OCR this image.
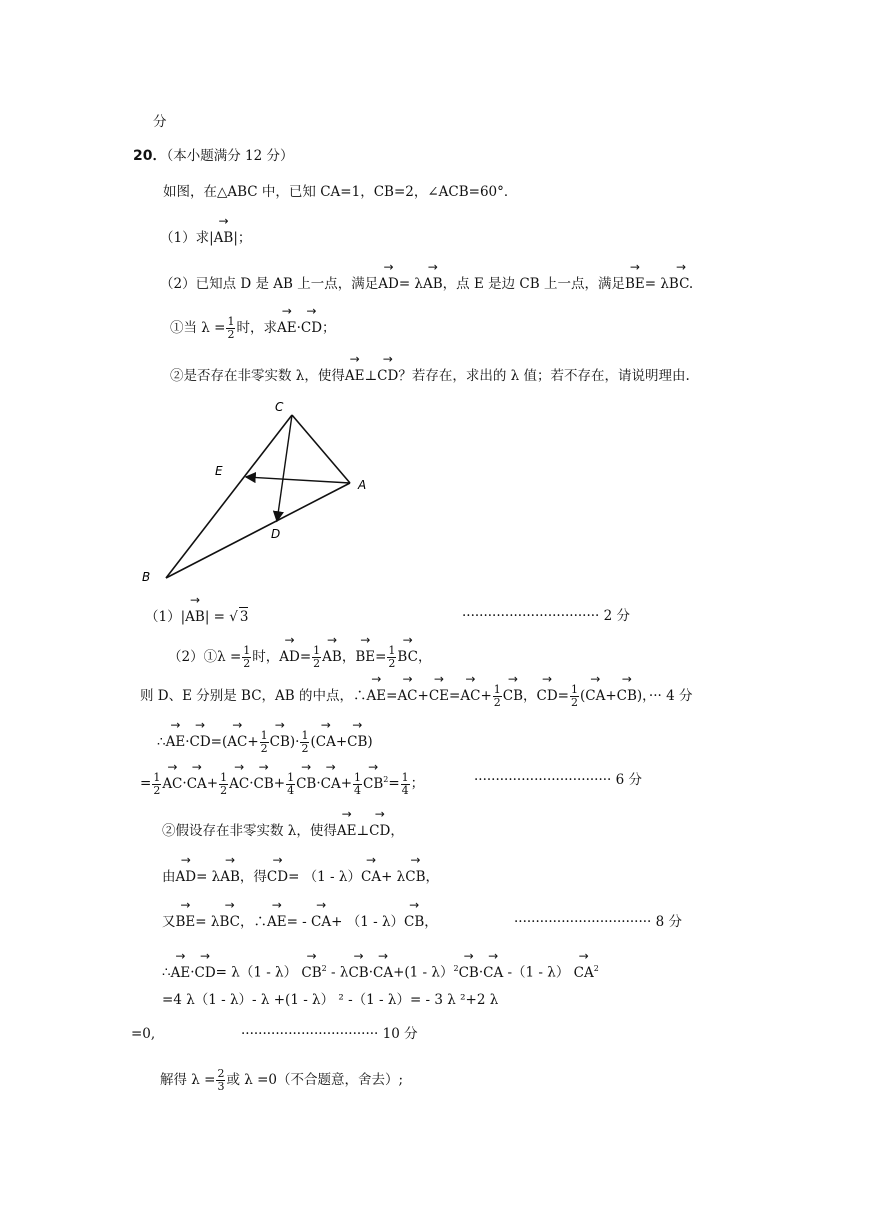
分
20．（本小题满分 12 分）
如图，在△ABC 中，已知 CA=1，CB=2，∠ACB=60°．
（1）求|→ AB|；
（2）已知点 D 是 AB 上一点，满足→ AD= λ→ AB，点 E 是边 CB 上一点，满足→ BE= λ→ BC.
①当 $\lambda = \frac{1}{2}$ 时，求→ AE·→ CD；
②是否存在非零实数 λ，使得→ AE⊥→ CD？若存在，求出的 λ 值；若不存在，请说明理由.
C
E
A
D
B
（1）|→ AB| = √ 3	································ 2 分
（2）①λ = $\frac{1}{2}$ 时，→ $AD= \frac{1}{2}$
→ AB，→ $BE= \frac{1}{2}$
→ BC，
则 D、E 分别是 BC，AB 的中点，∴→ $AE=\to AC+\to CE=\to AC+ \frac{1}{2}$
→ CB，→ $CD= \frac{1}{2}$ (→ CA+→ CB)，··· 4 分
∴→ $AE\cdot\to CD=(\to AC+ \frac{1}{2}$
→ $CB)\cdot \frac{1}{2}$ (→ CA+→ CB)
= $\frac{1}{2}$
→ $AC\cdot\to CA+ \frac{1}{2}$
→ $AC\cdot\to CB+ \frac{1}{4}$
→ $CB\cdot\to CA+ \frac{1}{4}$
→ $CB^2= \frac{1}{4}$ ；	································ 6 分
②假设存在非零实数 λ，使得→ AE⊥→ CD，
由→ AD= λ→ AB，得→ CD= （1 - λ）→ CA+ λ→ CB，
又→ BE= λ→ BC，∴→ AE= - → CA+ （1 - λ）→ CB，	································ 8 分
∴→ $AE\cdot\to CD= \lambda(1 - \lambda) \to CB^2 - \lambda\to CB\cdot\to CA+(1 - \lambda)^2\to CB\cdot\to$ CA $-(1 - \lambda) \to CA^2$
=4 λ（1 - λ）- λ +(1 - λ） ² -（1 - λ）= - 3 λ ²+2 λ
=0,	································ 10 分
解得 $\lambda = \frac{2}{3}$ 或 λ =0（不合题意，舍去）;
